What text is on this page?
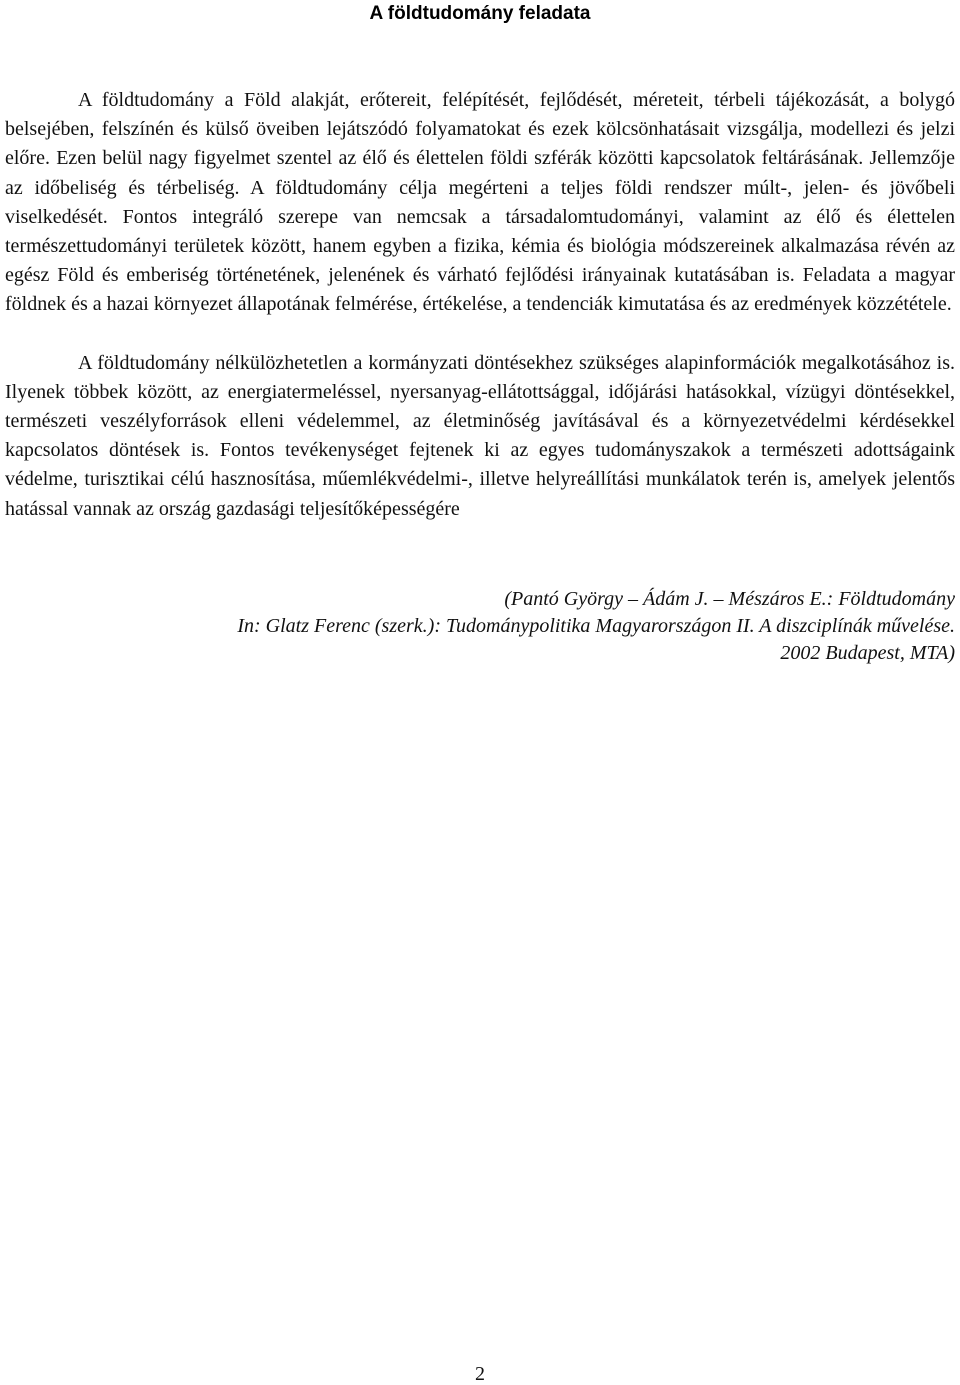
A földtudomány feladata

A földtudomány a Föld alakját, erőtereit, felépítését, fejlődését, méreteit, térbeli tájékozását, a bolygó belsejében, felszínén és külső öveiben lejátszódó folyamatokat és ezek kölcsönhatásait vizsgálja, modellezi és jelzi előre. Ezen belül nagy figyelmet szentel az élő és élettelen földi szférák közötti kapcsolatok feltárásának. Jellemzője az időbeliség és térbeliség. A földtudomány célja megérteni a teljes földi rendszer múlt-, jelen- és jövőbeli viselkedését. Fontos integráló szerepe van nemcsak a társadalomtudományi, valamint az élő és élettelen természettudományi területek között, hanem egyben a fizika, kémia és biológia módszereinek alkalmazása révén az egész Föld és emberiség történetének, jelenének és várható fejlődési irányainak kutatásában is. Feladata a magyar földnek és a hazai környezet állapotának felmérése, értékelése, a tendenciák kimutatása és az eredmények közzététele.

A földtudomány nélkülözhetetlen a kormányzati döntésekhez szükséges alapinformációk megalkotásához is. Ilyenek többek között, az energiatermeléssel, nyersanyag-ellátottsággal, időjárási hatásokkal, vízügyi döntésekkel, természeti veszélyforrások elleni védelemmel, az életminőség javításával és a környezetvédelmi kérdésekkel kapcsolatos döntések is. Fontos tevékenységet fejtenek ki az egyes tudományszakok a természeti adottságaink védelme, turisztikai célú hasznosítása, műemlékvédelmi-, illetve helyreállítási munkálatok terén is, amelyek jelentős hatással vannak az ország gazdasági teljesítőképességére

(Pantó György – Ádám J. – Mészáros E.: Földtudomány
In: Glatz Ferenc (szerk.): Tudománypolitika Magyarországon II. A diszciplínák művelése.
2002 Budapest, MTA)
2
